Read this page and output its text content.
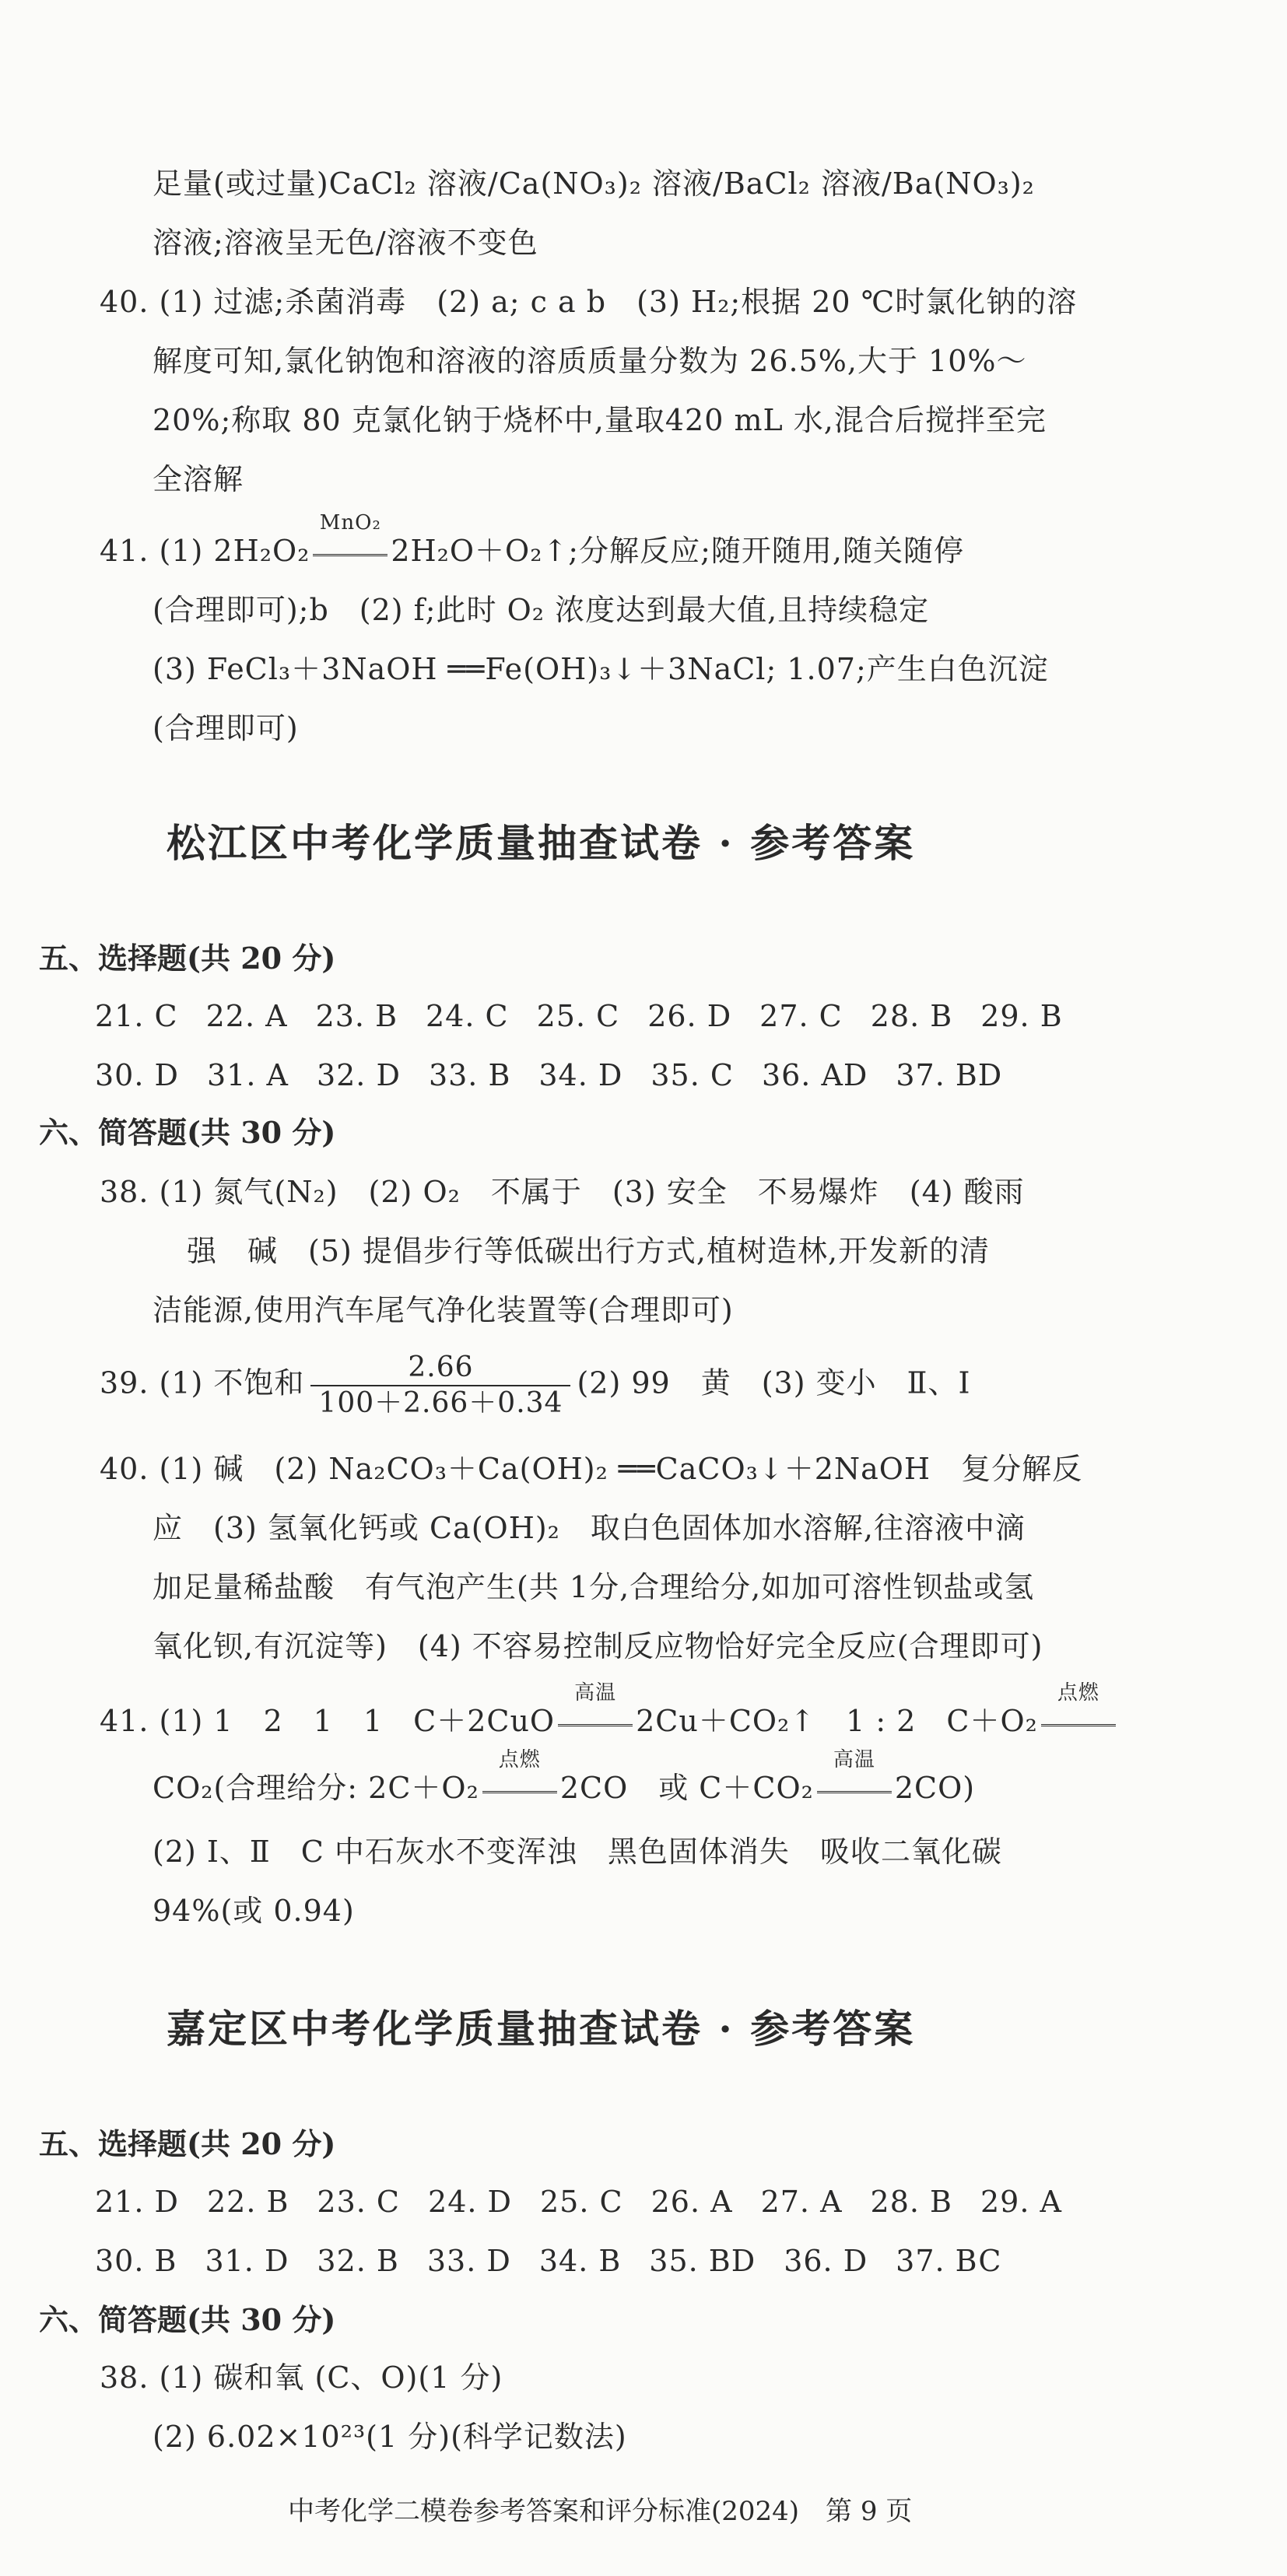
足量(或过量)CaCl₂ 溶液/Ca(NO₃)₂ 溶液/BaCl₂ 溶液/Ba(NO₃)₂
溶液;溶液呈无色/溶液不变色
40. (1) 过滤;杀菌消毒　(2) a; c a b　(3) H₂;根据 20 ℃时氯化钠的溶
解度可知,氯化钠饱和溶液的溶质质量分数为 26.5%,大于 10%～
20%;称取 80 克氯化钠于烧杯中,量取420 mL 水,混合后搅拌至完
全溶解
41. (1) 2H₂O₂
MnO₂
2H₂O＋O₂↑;分解反应;随开随用,随关随停
(合理即可);b　(2) f;此时 O₂ 浓度达到最大值,且持续稳定
(3) FeCl₃＋3NaOH ══Fe(OH)₃↓＋3NaCl; 1.07;产生白色沉淀
(合理即可)
松江区中考化学质量抽查试卷 · 参考答案
五、选择题(共 20 分)
21. C 22. A 23. B 24. C 25. C 26. D 27. C 28. B 29. B
30. D 31. A 32. D 33. B 34. D 35. C 36. AD 37. BD
六、简答题(共 30 分)
38. (1) 氮气(N₂)　(2) O₂　不属于　(3) 安全　不易爆炸　(4) 酸雨
强　碱　(5) 提倡步行等低碳出行方式,植树造林,开发新的清
洁能源,使用汽车尾气净化装置等(合理即可)
39. (1) 不饱和 $\frac{2.66}{100+2.66+0.34} (2)$ 99　黄　(3) 变小　Ⅱ、Ⅰ
40. (1) 碱　(2) Na₂CO₃＋Ca(OH)₂ ══CaCO₃↓＋2NaOH　复分解反
应　(3) 氢氧化钙或 Ca(OH)₂　取白色固体加水溶解,往溶液中滴
加足量稀盐酸　有气泡产生(共 1分,合理给分,如加可溶性钡盐或氢
氧化钡,有沉淀等)　(4) 不容易控制反应物恰好完全反应(合理即可)
41. (1) 1　2　1　1　C＋2CuO
高温
2Cu＋CO₂↑　1 : 2　C＋O₂
点燃
CO₂(合理给分: 2C＋O₂
点燃
2CO　或 C＋CO₂
高温
2CO)
(2) Ⅰ、Ⅱ　C 中石灰水不变浑浊　黑色固体消失　吸收二氧化碳
94%(或 0.94)
嘉定区中考化学质量抽查试卷 · 参考答案
五、选择题(共 20 分)
21. D 22. B 23. C 24. D 25. C 26. A 27. A 28. B 29. A
30. B 31. D 32. B 33. D 34. B 35. BD 36. D 37. BC
六、简答题(共 30 分)
38. (1) 碳和氧 (C、O)(1 分)
(2) 6.02×10²³(1 分)(科学记数法)
中考化学二模卷参考答案和评分标准(2024)　第 9 页
